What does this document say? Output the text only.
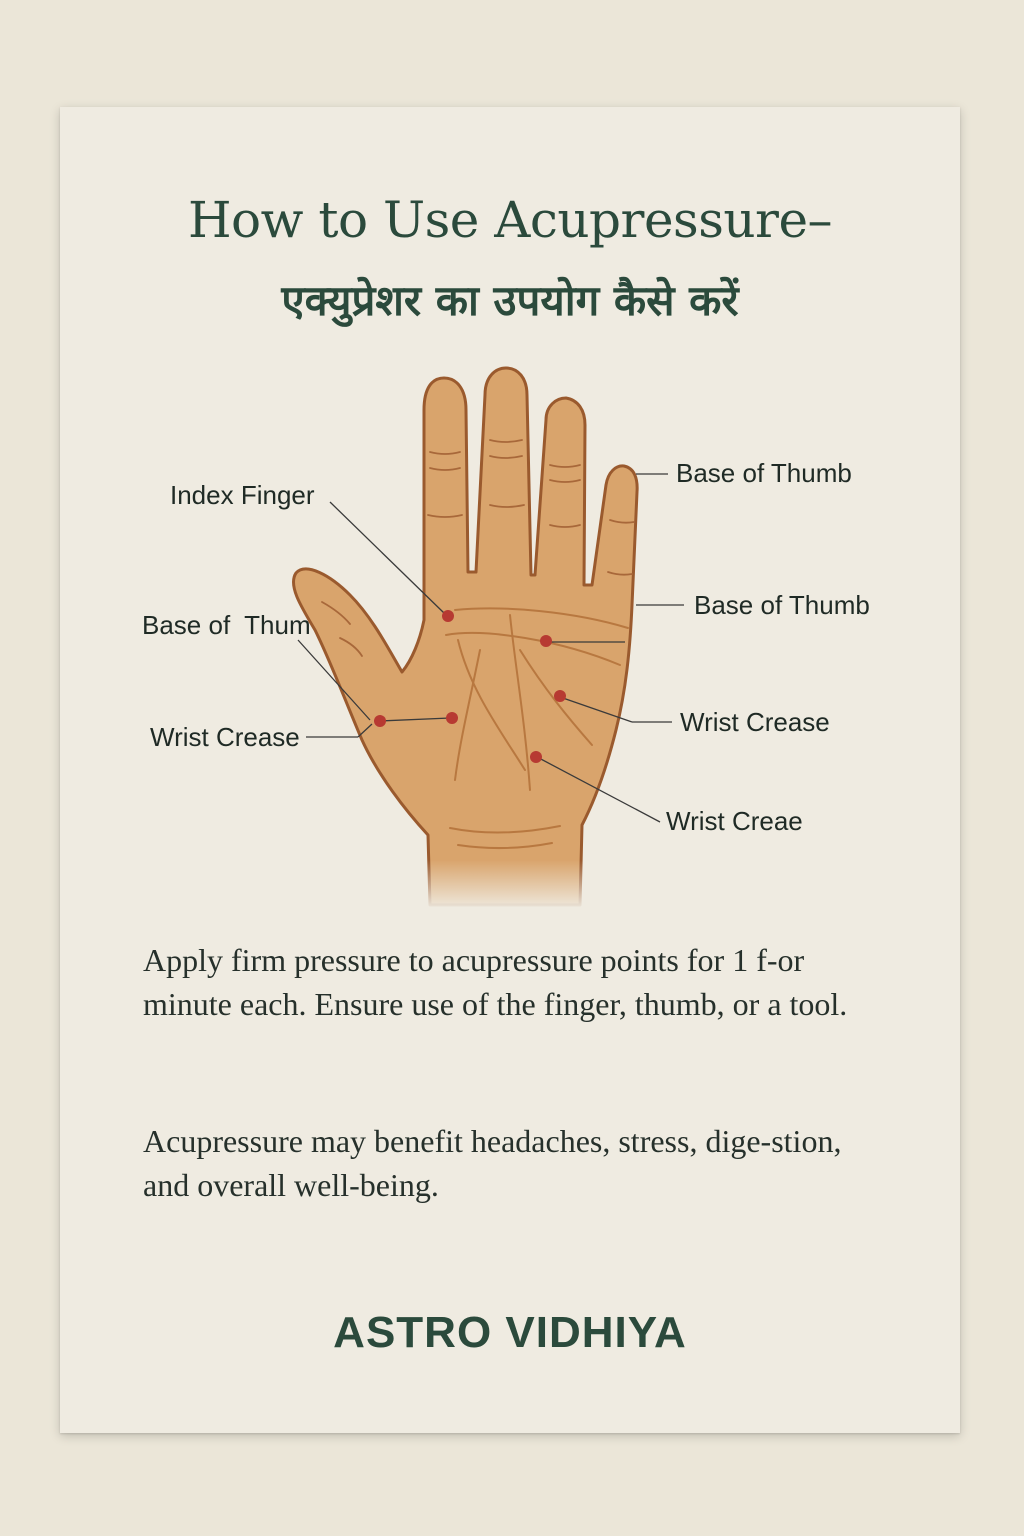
How to Use Acupressure–
एक्युप्रेशर का उपयोग कैसे करें

Apply firm pressure to acupressure points for 1 f-or minute each. Ensure use of the finger, thumb, or a tool.

Acupressure may benefit headaches, stress, dige-stion, and overall well-being.

ASTRO VIDHIYA
Index Finger
Base of  Thum
Wrist Crease
Base of Thumb
Base of Thumb
Wrist Crease
Wrist Creae
